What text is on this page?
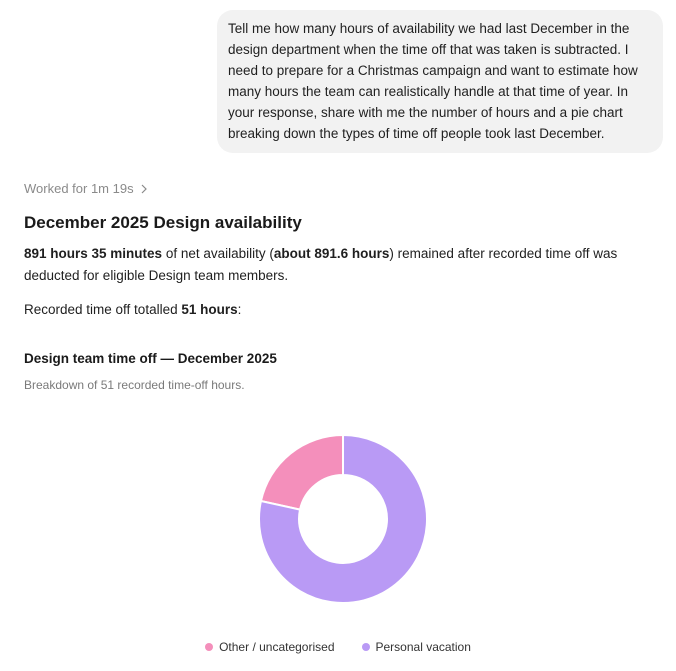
Tell me how many hours of availability we had last December in the design department when the time off that was taken is subtracted. I need to prepare for a Christmas campaign and want to estimate how many hours the team can realistically handle at that time of year. In your response, share with me the number of hours and a pie chart breaking down the types of time off people took last December.
Worked for 1m 19s
December 2025 Design availability

891 hours 35 minutes of net availability (about 891.6 hours) remained after recorded time off was deducted for eligible Design team members.

Recorded time off totalled 51 hours:

Design team time off — December 2025
Breakdown of 51 recorded time-off hours.
Other / uncategorised	Personal vacation
